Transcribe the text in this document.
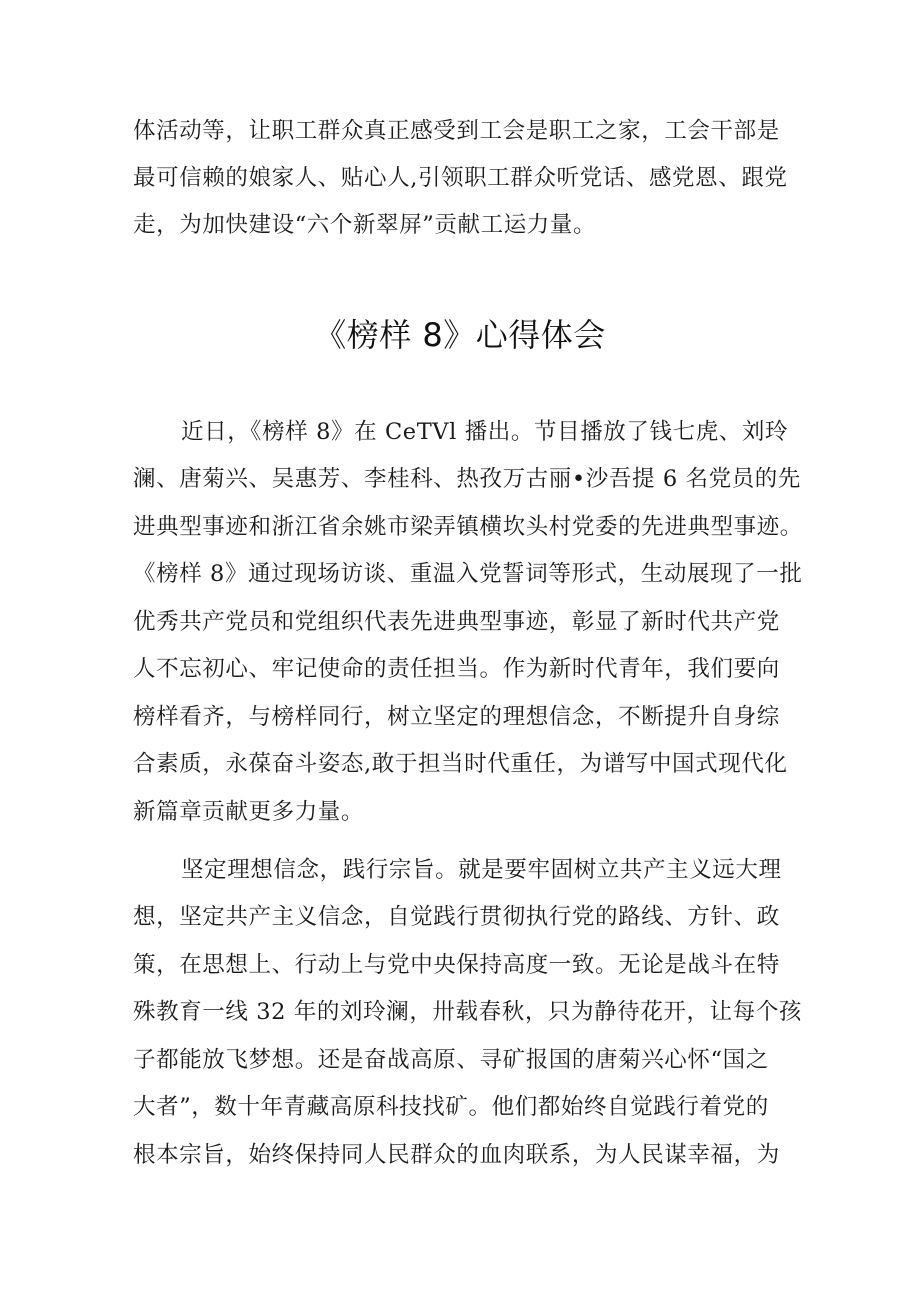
体活动等，让职工群众真正感受到工会是职工之家，工会干部是
最可信赖的娘家人、贴心人,引领职工群众听党话、感党恩、跟党
走，为加快建设“六个新翠屏”贡献工运力量。
《榜样 8》心得体会
近日，《榜样 8》在 CeTVl 播出。节目播放了钱七虎、刘玲
澜、唐菊兴、吴惠芳、李桂科、热孜万古丽•沙吾提 6 名党员的先
进典型事迹和浙江省余姚市梁弄镇横坎头村党委的先进典型事迹。
《榜样 8》通过现场访谈、重温入党誓词等形式，生动展现了一批
优秀共产党员和党组织代表先进典型事迹，彰显了新时代共产党
人不忘初心、牢记使命的责任担当。作为新时代青年，我们要向
榜样看齐，与榜样同行，树立坚定的理想信念，不断提升自身综
合素质，永葆奋斗姿态,敢于担当时代重任，为谱写中国式现代化
新篇章贡献更多力量。
坚定理想信念，践行宗旨。就是要牢固树立共产主义远大理
想，坚定共产主义信念，自觉践行贯彻执行党的路线、方针、政
策，在思想上、行动上与党中央保持高度一致。无论是战斗在特
殊教育一线 32 年的刘玲澜，卅载春秋，只为静待花开，让每个孩
子都能放飞梦想。还是奋战高原、寻矿报国的唐菊兴心怀“国之
大者”，数十年青藏高原科技找矿。他们都始终自觉践行着党的
根本宗旨，始终保持同人民群众的血肉联系，为人民谋幸福，为
